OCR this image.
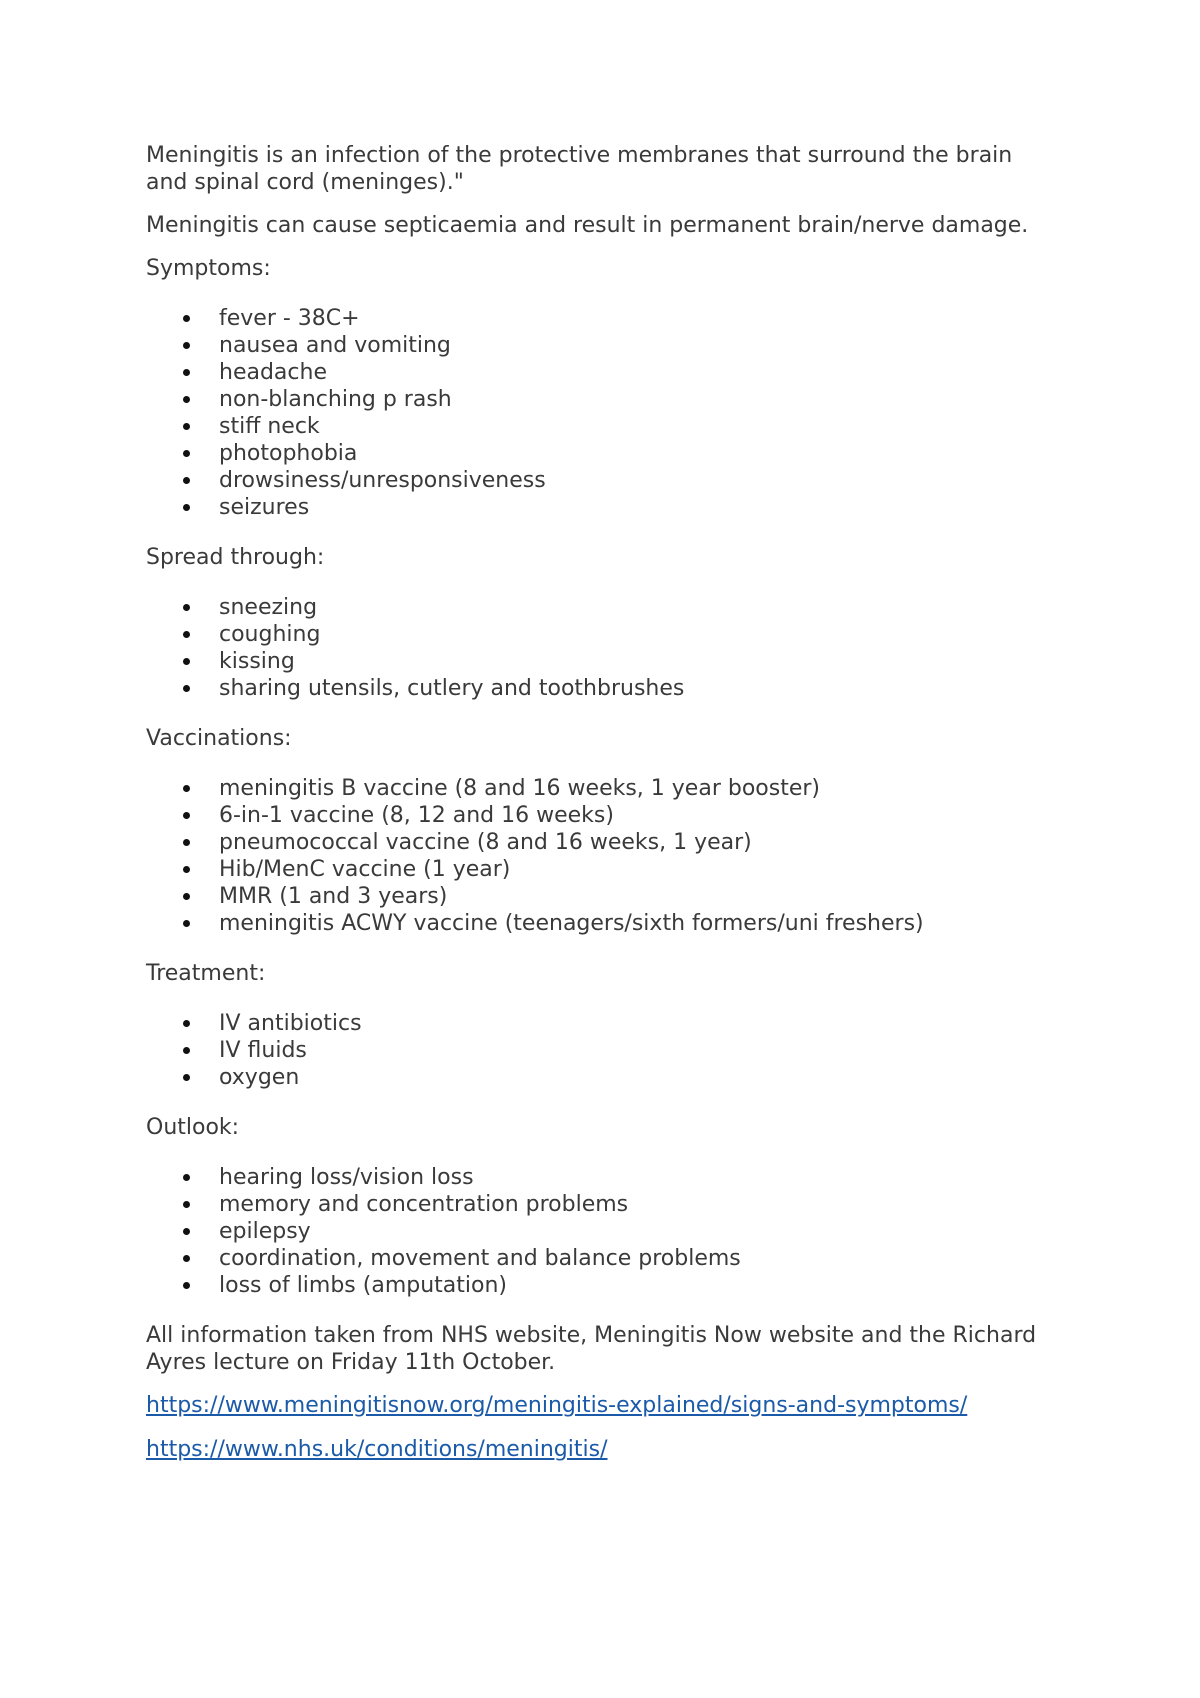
Meningitis is an infection of the protective membranes that surround the brain and spinal cord (meninges)."

Meningitis can cause septicaemia and result in permanent brain/nerve damage.

Symptoms:

fever - 38C+
nausea and vomiting
headache
non-blanching p rash
stiff neck
photophobia
drowsiness/unresponsiveness
seizures

Spread through:

sneezing
coughing
kissing
sharing utensils, cutlery and toothbrushes

Vaccinations:

meningitis B vaccine (8 and 16 weeks, 1 year booster)
6-in-1 vaccine (8, 12 and 16 weeks)
pneumococcal vaccine (8 and 16 weeks, 1 year)
Hib/MenC vaccine (1 year)
MMR (1 and 3 years)
meningitis ACWY vaccine (teenagers/sixth formers/uni freshers)

Treatment:

IV antibiotics
IV fluids
oxygen

Outlook:

hearing loss/vision loss
memory and concentration problems
epilepsy
coordination, movement and balance problems
loss of limbs (amputation)

All information taken from NHS website, Meningitis Now website and the Richard Ayres lecture on Friday 11th October.

https://www.meningitisnow.org/meningitis-explained/signs-and-symptoms/

https://www.nhs.uk/conditions/meningitis/
